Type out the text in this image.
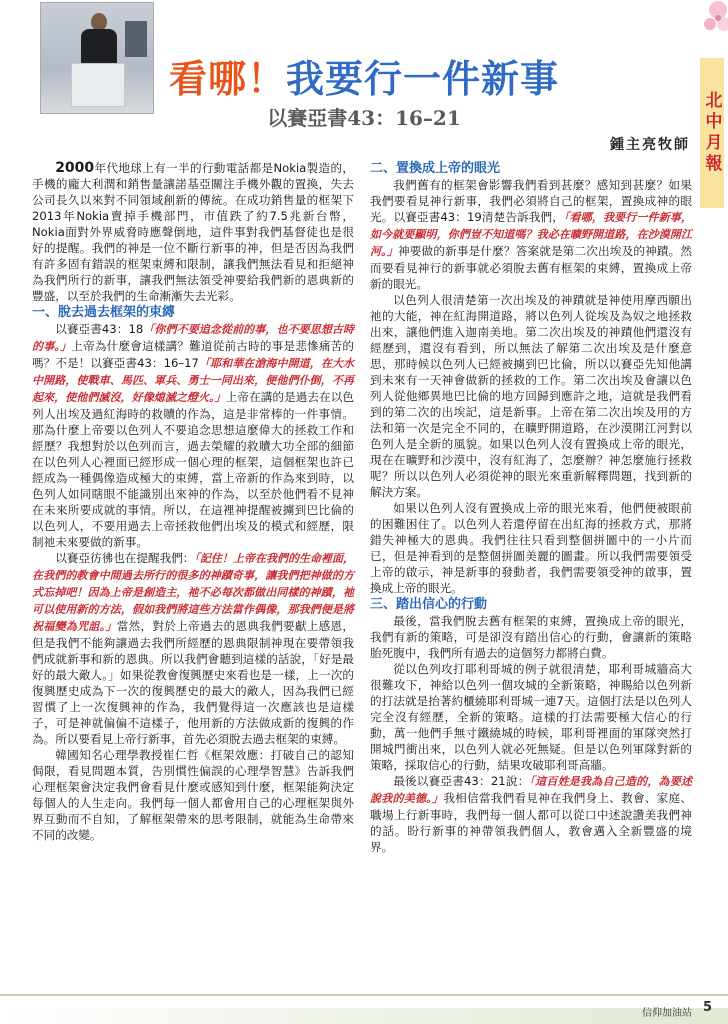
北中月報
看哪！我要行一件新事
以賽亞書43：16–21
鍾主亮牧師

2000年代地球上有一半的行動電話都是Nokia製造的，手機的龐大利潤和銷售量讓諾基亞關注手機外觀的置換，失去公司長久以來對不同領域創新的傳統。在成功銷售量的框架下2013年Nokia賣掉手機部門，市值跌了約7.5兆新台幣，Nokia面對外界威脅時應聲倒地，這件事對我們基督徒也是很好的提醒。我們的神是一位不斷行新事的神，但是否因為我們有許多固有錯誤的框架束縛和限制，讓我們無法看見和拒絕神為我們所行的新事，讓我們無法領受神要給我們新的恩典新的豐盛，以至於我們的生命漸漸失去光彩。

一、脫去過去框架的束縛

以賽亞書43：18「你們不要追念從前的事，也不要思想古時的事。」上帝為什麼會這樣講？難道從前古時的事是悲慘痛苦的嗎？不是！以賽亞書43：16–17「耶和華在滄海中開道，在大水中開路，使戰車、馬匹、軍兵、勇士一同出來，便他們仆倒，不再起來，使他們滅沒，好像熄滅之燈火。」上帝在講的是過去在以色列人出埃及過紅海時的救贖的作為，這是非常棒的一件事情。那為什麼上帝要以色列人不要追念思想這麼偉大的拯救工作和經歷？我想對於以色列而言，過去榮耀的救贖大功全部的細節在以色列人心裡面已經形成一個心理的框架，這個框架也許已經成為一種偶像造成極大的束縛，當上帝新的作為來到時，以色列人如同瞎眼不能識別出來神的作為，以至於他們看不見神在未來所要成就的事情。所以，在這裡神提醒被擄到巴比倫的以色列人，不要用過去上帝拯救他們出埃及的模式和經歷，限制祂未來要做的新事。

以賽亞彷彿也在提醒我們：「記住！上帝在我們的生命裡面，在我們的教會中間過去所行的很多的神蹟奇事，讓我們把神做的方式忘掉吧！因為上帝是創造主，祂不必每次都做出同樣的神蹟，祂可以使用新的方法，假如我們將這些方法當作偶像，那我們便是將祝福變為咒詛。」當然，對於上帝過去的恩典我們要獻上感恩，但是我們不能夠讓過去我們所經歷的恩典限制神現在要帶領我們成就新事和新的恩典。所以我們會聽到這樣的話說，「好是最好的最大敵人。」如果從教會復興歷史來看也是一樣，上一次的復興歷史成為下一次的復興歷史的最大的敵人，因為我們已經習慣了上一次復興神的作為，我們覺得這一次應該也是這樣子，可是神就偏偏不這樣子，他用新的方法做成新的復興的作為。所以要看見上帝行新事，首先必須脫去過去框架的束縛。

韓國知名心理學教授崔仁哲《框架效應：打破自己的認知侷限，看見問題本質，告別慣性偏誤的心理學智慧》告訴我們心理框架會決定我們會看見什麼或感知到什麼，框架能夠決定每個人的人生走向。我們每一個人都會用自己的心理框架與外界互動而不自知，了解框架帶來的思考限制，就能為生命帶來不同的改變。

二、置換成上帝的眼光

我們舊有的框架會影響我們看到甚麼？感知到甚麼？如果我們要看見神行新事，我們必須將自己的框架，置換成神的眼光。以賽亞書43：19清楚告訴我們，「看哪，我要行一件新事，如今就要顯明，你們豈不知道嗎？我必在曠野開道路，在沙漠開江河。」神要做的新事是什麼？答案就是第二次出埃及的神蹟。然而要看見神行的新事就必須脫去舊有框架的束縛，置換成上帝新的眼光。

以色列人很清楚第一次出埃及的神蹟就是神使用摩西願出祂的大能，神在紅海開道路，將以色列人從埃及為奴之地拯救出來，讓他們進入迦南美地。第二次出埃及的神蹟他們還沒有經歷到，還沒有看到，所以無法了解第二次出埃及是什麼意思，那時候以色列人已經被擄到巴比倫，所以以賽亞先知他講到未來有一天神會做新的拯救的工作。第二次出埃及會讓以色列人從他鄉異地巴比倫的地方回歸到應許之地，這就是我們看到的第二次的出埃記，這是新事。上帝在第二次出埃及用的方法和第一次是完全不同的，在曠野開道路，在沙漠開江河對以色列人是全新的風貌。如果以色列人沒有置換成上帝的眼光，現在在曠野和沙漠中，沒有紅海了，怎麼辦？神怎麼施行拯救呢？所以以色列人必須從神的眼光來重新解釋問題，找到新的解決方案。

如果以色列人沒有置換成上帝的眼光來看，他們便被眼前的困難困住了。以色列人若還停留在出紅海的拯救方式，那將錯失神極大的恩典。我們往往只看到整個拼圖中的一小片而已，但是神看到的是整個拼圖美麗的圖畫。所以我們需要領受上帝的啟示，神是新事的發動者，我們需要領受神的啟事，置換成上帝的眼光。

三、踏出信心的行動

最後，當我們脫去舊有框架的束縛，置換成上帝的眼光，我們有新的策略，可是卻沒有踏出信心的行動，會讓新的策略胎死腹中，我們所有過去的這個努力都將白費。

從以色列攻打耶利哥城的例子就很清楚，耶利哥城牆高大很難攻下，神給以色列一個攻城的全新策略，神賜給以色列新的打法就是抬著約櫃繞耶利哥城一連7天。這個打法是以色列人完全沒有經歷，全新的策略。這樣的打法需要極大信心的行動，萬一他們手無寸鐵繞城的時候，耶利哥裡面的軍隊突然打開城門衝出來，以色列人就必死無疑。但是以色列軍隊對新的策略，採取信心的行動，結果攻破耶利哥高牆。

最後以賽亞書43：21說：「這百姓是我為自己造的，為要述說我的美德。」我相信當我們看見神在我們身上、教會、家庭、職場上行新事時，我們每一個人都可以從口中述說讚美我們神的話。盼行新事的神帶領我們個人，教會邁入全新豐盛的境界。

信仰加油站 5
